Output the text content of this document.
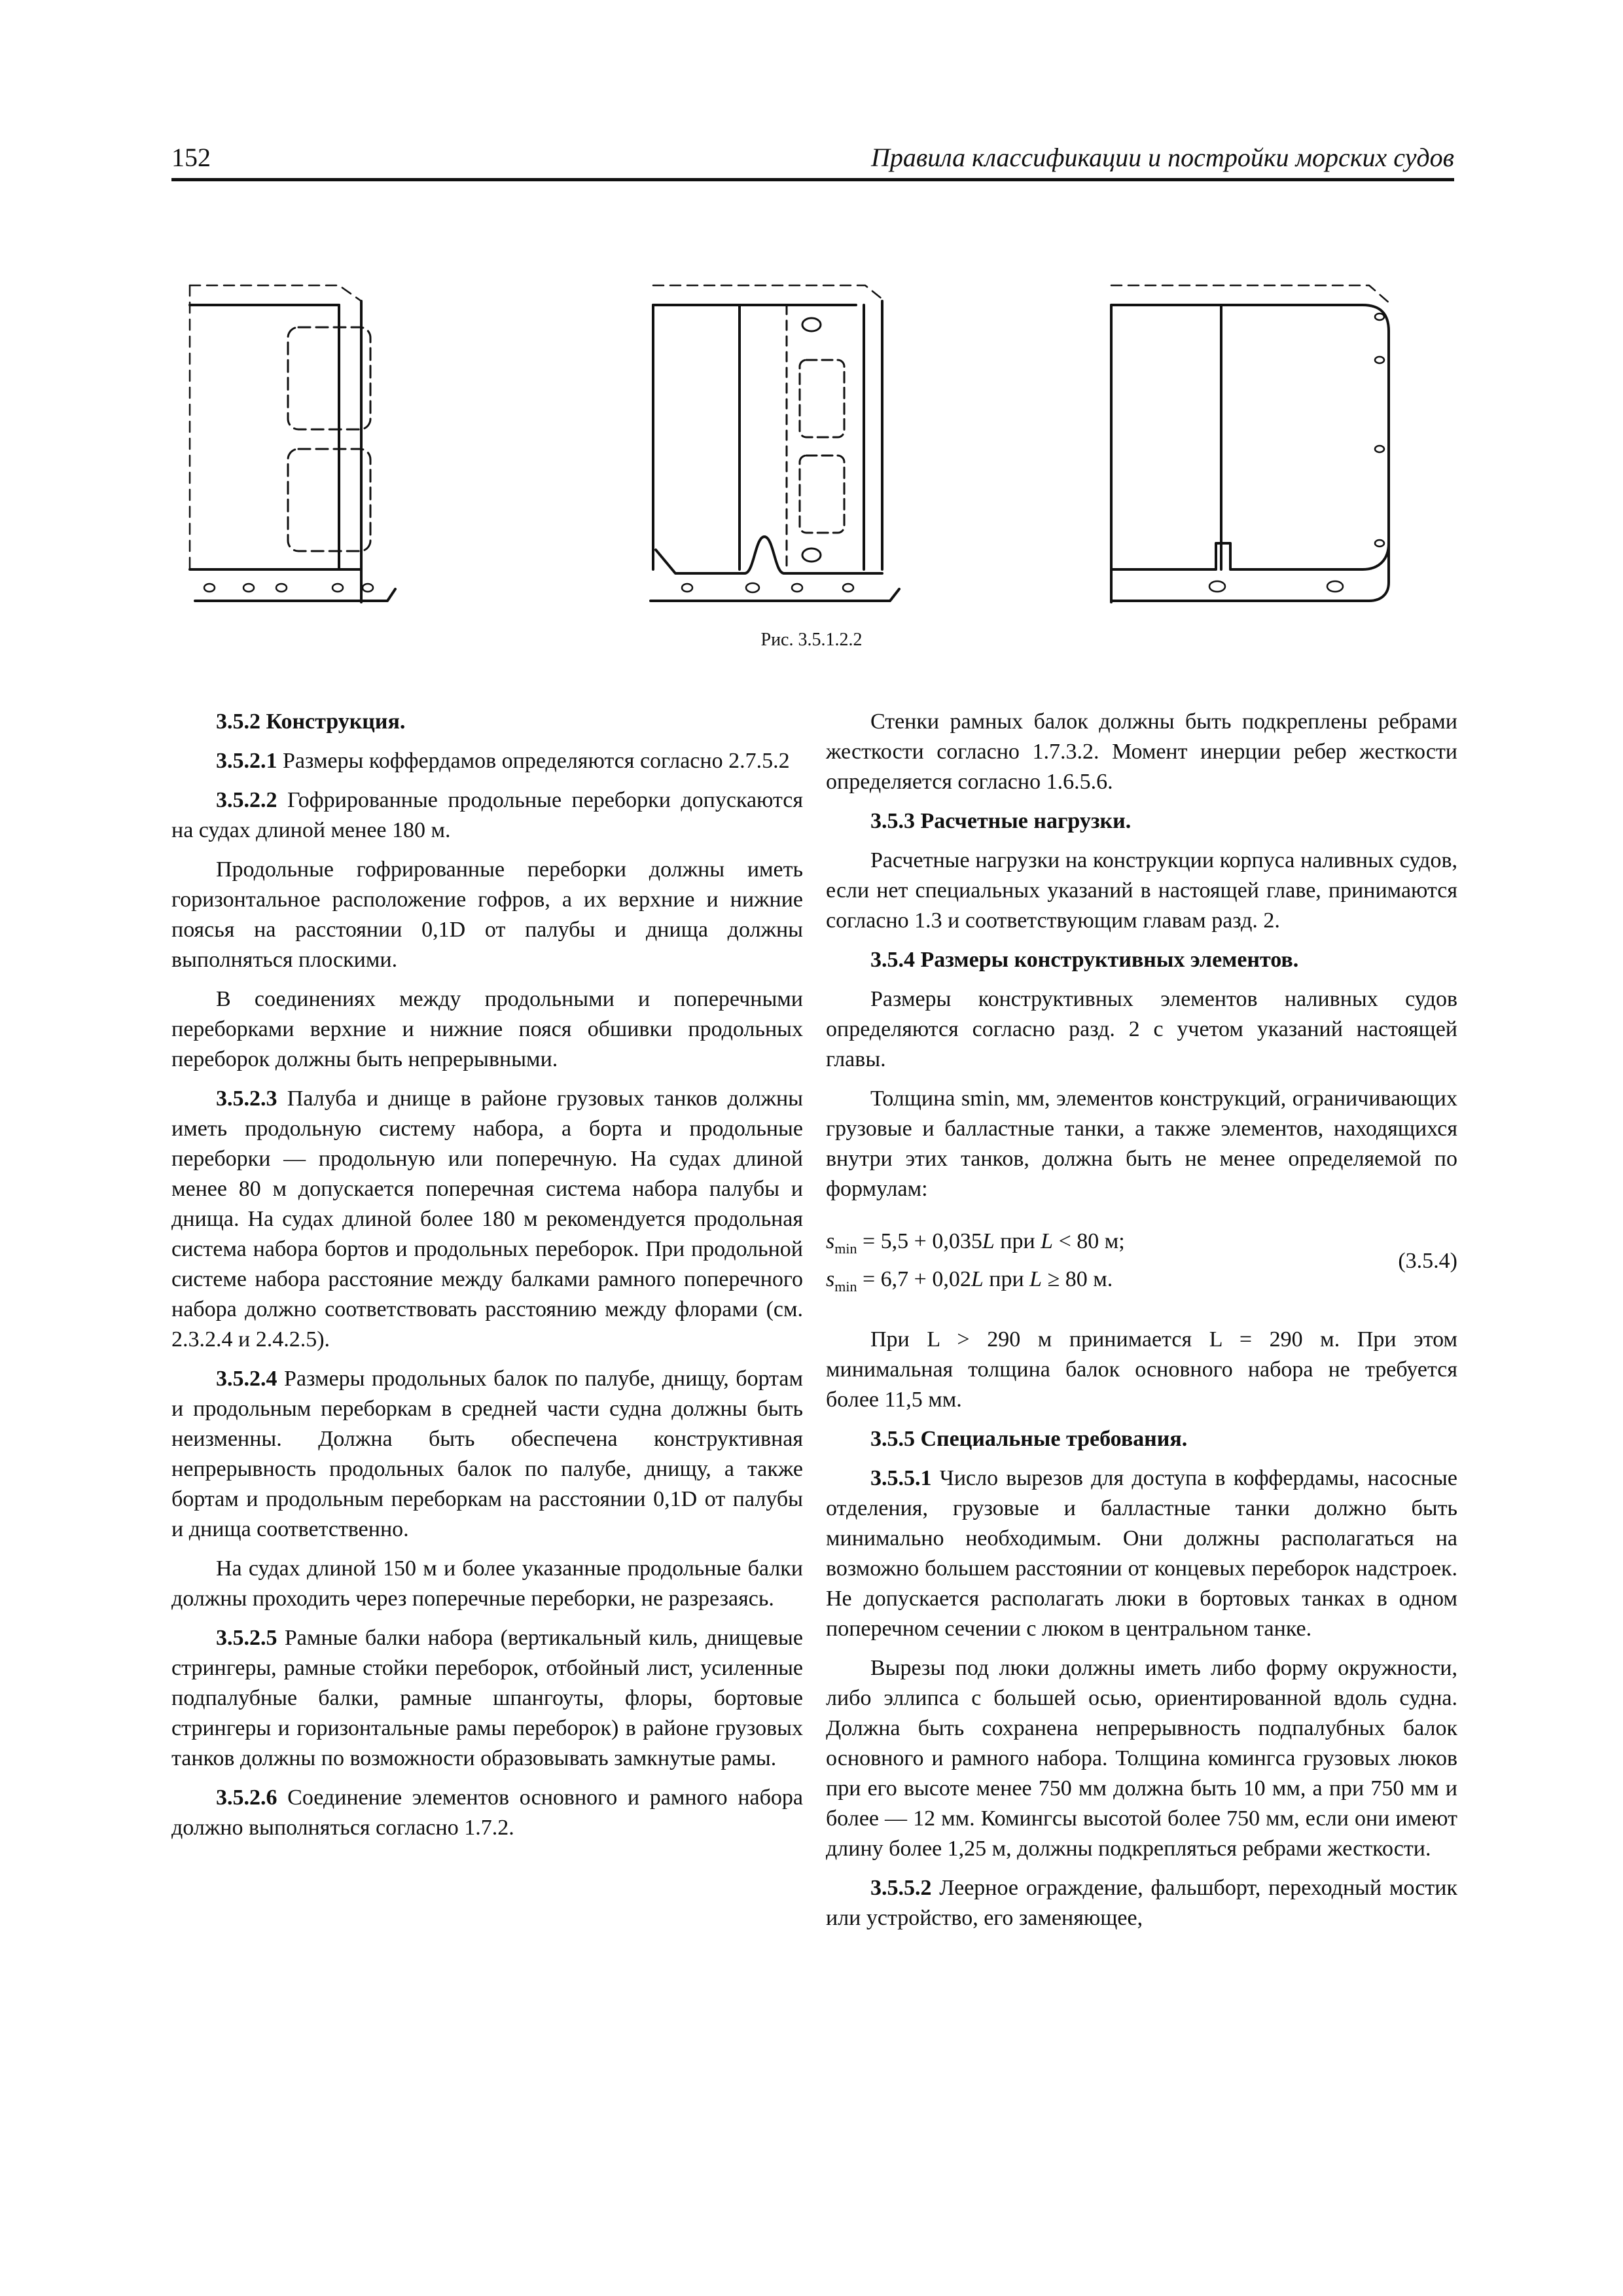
152	Правила классификации и постройки морских судов
Рис. 3.5.1.2.2
3.5.2 Конструкция.

3.5.2.1 Размеры коффердамов определяются согласно 2.7.5.2

3.5.2.2 Гофрированные продольные переборки допускаются на судах длиной менее 180 м.

Продольные гофрированные переборки должны иметь горизонтальное расположение гофров, а их верхние и нижние поясья на расстоянии 0,1D от палубы и днища должны выполняться плоскими.

В соединениях между продольными и поперечными переборками верхние и нижние пояся обшивки продольных переборок должны быть непрерывными.

3.5.2.3 Палуба и днище в районе грузовых танков должны иметь продольную систему набора, а борта и продольные переборки — продольную или поперечную. На судах длиной менее 80 м допускается поперечная система набора палубы и днища. На судах длиной более 180 м рекомендуется продольная система набора бортов и продольных переборок. При продольной системе набора расстояние между балками рамного поперечного набора должно соответствовать расстоянию между флорами (см. 2.3.2.4 и 2.4.2.5).

3.5.2.4 Размеры продольных балок по палубе, днищу, бортам и продольным переборкам в средней части судна должны быть неизменны. Должна быть обеспечена конструктивная непрерывность продольных балок по палубе, днищу, а также бортам и продольным переборкам на расстоянии 0,1D от палубы и днища соответственно.

На судах длиной 150 м и более указанные продольные балки должны проходить через поперечные переборки, не разрезаясь.

3.5.2.5 Рамные балки набора (вертикальный киль, днищевые стрингеры, рамные стойки переборок, отбойный лист, усиленные подпалубные балки, рамные шпангоуты, флоры, бортовые стрингеры и горизонтальные рамы переборок) в районе грузовых танков должны по возможности образовывать замкнутые рамы.

3.5.2.6 Соединение элементов основного и рамного набора должно выполняться согласно 1.7.2.

Стенки рамных балок должны быть подкреплены ребрами жесткости согласно 1.7.3.2. Момент инерции ребер жесткости определяется согласно 1.6.5.6.

3.5.3 Расчетные нагрузки.

Расчетные нагрузки на конструкции корпуса наливных судов, если нет специальных указаний в настоящей главе, принимаются согласно 1.3 и соответствующим главам разд. 2.

3.5.4 Размеры конструктивных элементов.

Размеры конструктивных элементов наливных судов определяются согласно разд. 2 с учетом указаний настоящей главы.

Толщина smin, мм, элементов конструкций, ограничивающих грузовые и балластные танки, а также элементов, находящихся внутри этих танков, должна быть не менее определяемой по формулам:

$s_{min} = 5,5 + 0,035L$ при L < 80 м;
$s_{min} = 6,7 + 0,02L$ при L ≥ 80 м.
(3.5.4)

При L > 290 м принимается L = 290 м. При этом минимальная толщина балок основного набора не требуется более 11,5 мм.

3.5.5 Специальные требования.

3.5.5.1 Число вырезов для доступа в коффердамы, насосные отделения, грузовые и балластные танки должно быть минимально необходимым. Они должны располагаться на возможно большем расстоянии от концевых переборок надстроек. Не допускается располагать люки в бортовых танках в одном поперечном сечении с люком в центральном танке.

Вырезы под люки должны иметь либо форму окружности, либо эллипса с большей осью, ориентированной вдоль судна. Должна быть сохранена непрерывность подпалубных балок основного и рамного набора. Толщина комингса грузовых люков при его высоте менее 750 мм должна быть 10 мм, а при 750 мм и более — 12 мм. Комингсы высотой более 750 мм, если они имеют длину более 1,25 м, должны подкрепляться ребрами жесткости.

3.5.5.2 Леерное ограждение, фальшборт, переходный мостик или устройство, его заменяющее,
